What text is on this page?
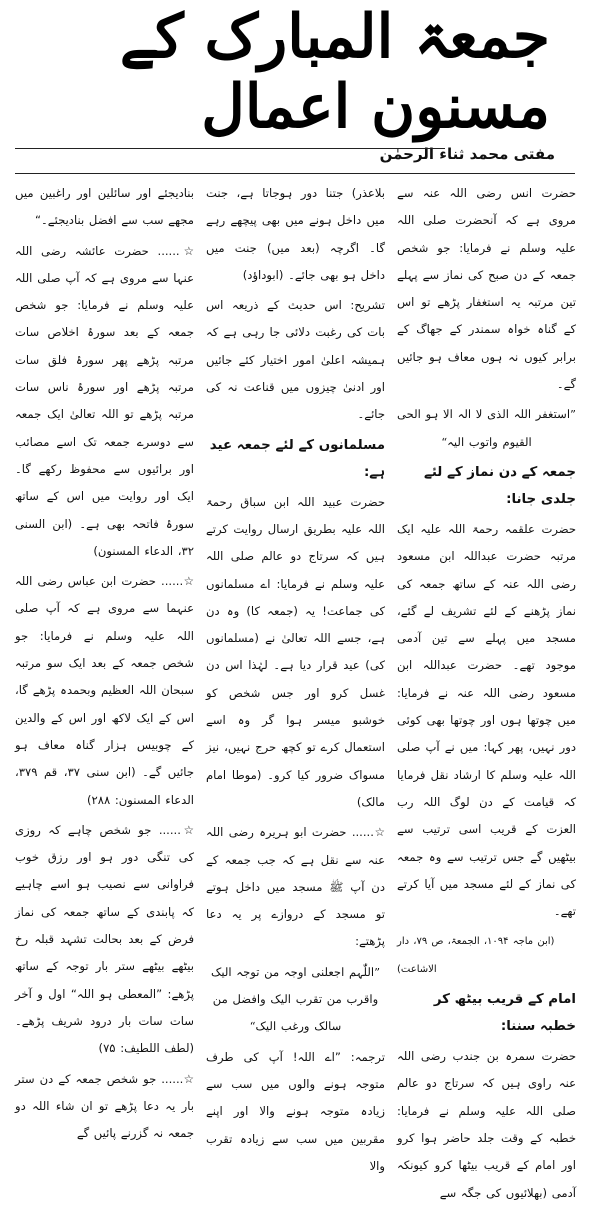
جمعۃ المبارک کے مسنون اعمال
مفتی محمد ثناء الرحمٰن
حضرت انس رضی اللہ عنہ سے مروی ہے کہ آنحضرت صلی اللہ علیہ وسلم نے فرمایا: جو شخص جمعہ کے دن صبح کی نماز سے پہلے تین مرتبہ یہ استغفار پڑھے تو اس کے گناہ خواہ سمندر کے جھاگ کے برابر کیوں نہ ہوں معاف ہو جائیں گے۔
”استغفر اللہ الذی لا الہ الا ہو الحی القیوم واتوب الیہ“
جمعہ کے دن نماز کے لئے جلدی جانا:
حضرت علقمہ رحمۃ اللہ علیہ ایک مرتبہ حضرت عبداللہ ابن مسعود رضی اللہ عنہ کے ساتھ جمعہ کی نماز پڑھنے کے لئے تشریف لے گئے، مسجد میں پہلے سے تین آدمی موجود تھے۔ حضرت عبداللہ ابن مسعود رضی اللہ عنہ نے فرمایا: میں چوتھا ہوں اور چوتھا بھی کوئی دور نہیں، پھر کہا: میں نے آپ صلی اللہ علیہ وسلم کا ارشاد نقل فرمایا کہ قیامت کے دن لوگ اللہ رب العزت کے قریب اسی ترتیب سے بیٹھیں گے جس ترتیب سے وہ جمعہ کی نماز کے لئے مسجد میں آیا کرتے تھے۔
(ابن ماجہ ۱۰۹۴، الجمعۃ، ص ۷۹، دار الاشاعت)
امام کے قریب بیٹھ کر خطبہ سننا:
حضرت سمرہ بن جندب رضی اللہ عنہ راوی ہیں کہ سرتاج دو عالم صلی اللہ علیہ وسلم نے فرمایا: خطبہ کے وقت جلد حاضر ہوا کرو اور امام کے قریب بیٹھا کرو کیونکہ آدمی (بھلائیوں کی جگہ سے
بلاعذر) جتنا دور ہوجاتا ہے، جنت میں داخل ہونے میں بھی پیچھے رہے گا۔ اگرچہ (بعد میں) جنت میں داخل ہو بھی جائے۔ (ابوداؤد)
تشریح: اس حدیث کے ذریعہ اس بات کی رغبت دلائی جا رہی ہے کہ ہمیشہ اعلیٰ امور اختیار کئے جائیں اور ادنیٰ چیزوں میں قناعت نہ کی جائے۔
مسلمانوں کے لئے جمعہ عید ہے:
حضرت عبید اللہ ابن سباق رحمۃ اللہ علیہ بطریق ارسال روایت کرتے ہیں کہ سرتاج دو عالم صلی اللہ علیہ وسلم نے فرمایا: اے مسلمانوں کی جماعت! یہ (جمعہ کا) وہ دن ہے، جسے اللہ تعالیٰ نے (مسلمانوں کی) عید قرار دیا ہے۔ لہٰذا اس دن غسل کرو اور جس شخص کو خوشبو میسر ہوا گر وہ اسے استعمال کرے تو کچھ حرج نہیں، نیز مسواک ضرور کیا کرو۔ (موطا امام مالک)
☆...... حضرت ابو ہریرہ رضی اللہ عنہ سے نقل ہے کہ جب جمعہ کے دن آپ ﷺ مسجد میں داخل ہوتے تو مسجد کے دروازے پر یہ دعا پڑھتے:
”اللّٰہم اجعلنی اوجہ من توجہ الیک واقرب من تقرب الیک وافضل من سالک ورغب الیک“
ترجمہ: ”اے اللہ! آپ کی طرف متوجہ ہونے والوں میں سب سے زیادہ متوجہ ہونے والا اور اپنے مقربین میں سب سے زیادہ تقرب والا
بنادیجئے اور سائلین اور راغبین میں مجھے سب سے افضل بنادیجئے۔“
☆...... حضرت عائشہ رضی اللہ عنہا سے مروی ہے کہ آپ صلی اللہ علیہ وسلم نے فرمایا: جو شخص جمعہ کے بعد سورۂ اخلاص سات مرتبہ پڑھے پھر سورۂ فلق سات مرتبہ پڑھے اور سورۂ ناس سات مرتبہ پڑھے تو اللہ تعالیٰ ایک جمعہ سے دوسرے جمعہ تک اسے مصائب اور برائیوں سے محفوظ رکھے گا۔ ایک اور روایت میں اس کے ساتھ سورۂ فاتحہ بھی ہے۔ (ابن السنی ۳۲، الدعاء المسنون)
☆...... حضرت ابن عباس رضی اللہ عنہما سے مروی ہے کہ آپ صلی اللہ علیہ وسلم نے فرمایا: جو شخص جمعہ کے بعد ایک سو مرتبہ سبحان اللہ العظیم وبحمدہ پڑھے گا، اس کے ایک لاکھ اور اس کے والدین کے چوبیس ہزار گناہ معاف ہو جائیں گے۔ (ابن سنی ۳۷، قم ۳۷۹، الدعاء المسنون: ۲۸۸)
☆...... جو شخص چاہے کہ روزی کی تنگی دور ہو اور رزق خوب فراوانی سے نصیب ہو اسے چاہیے کہ پابندی کے ساتھ جمعہ کی نماز فرض کے بعد بحالت تشہد قبلہ رخ بیٹھے بیٹھے ستر بار توجہ کے ساتھ پڑھے: ”المعطی ہو اللہ“ اول و آخر سات سات بار درود شریف پڑھے۔ (لطف اللطیف: ۷۵)
☆...... جو شخص جمعہ کے دن ستر بار یہ دعا پڑھے تو ان شاء اللہ دو جمعہ نہ گزرنے پائیں گے
